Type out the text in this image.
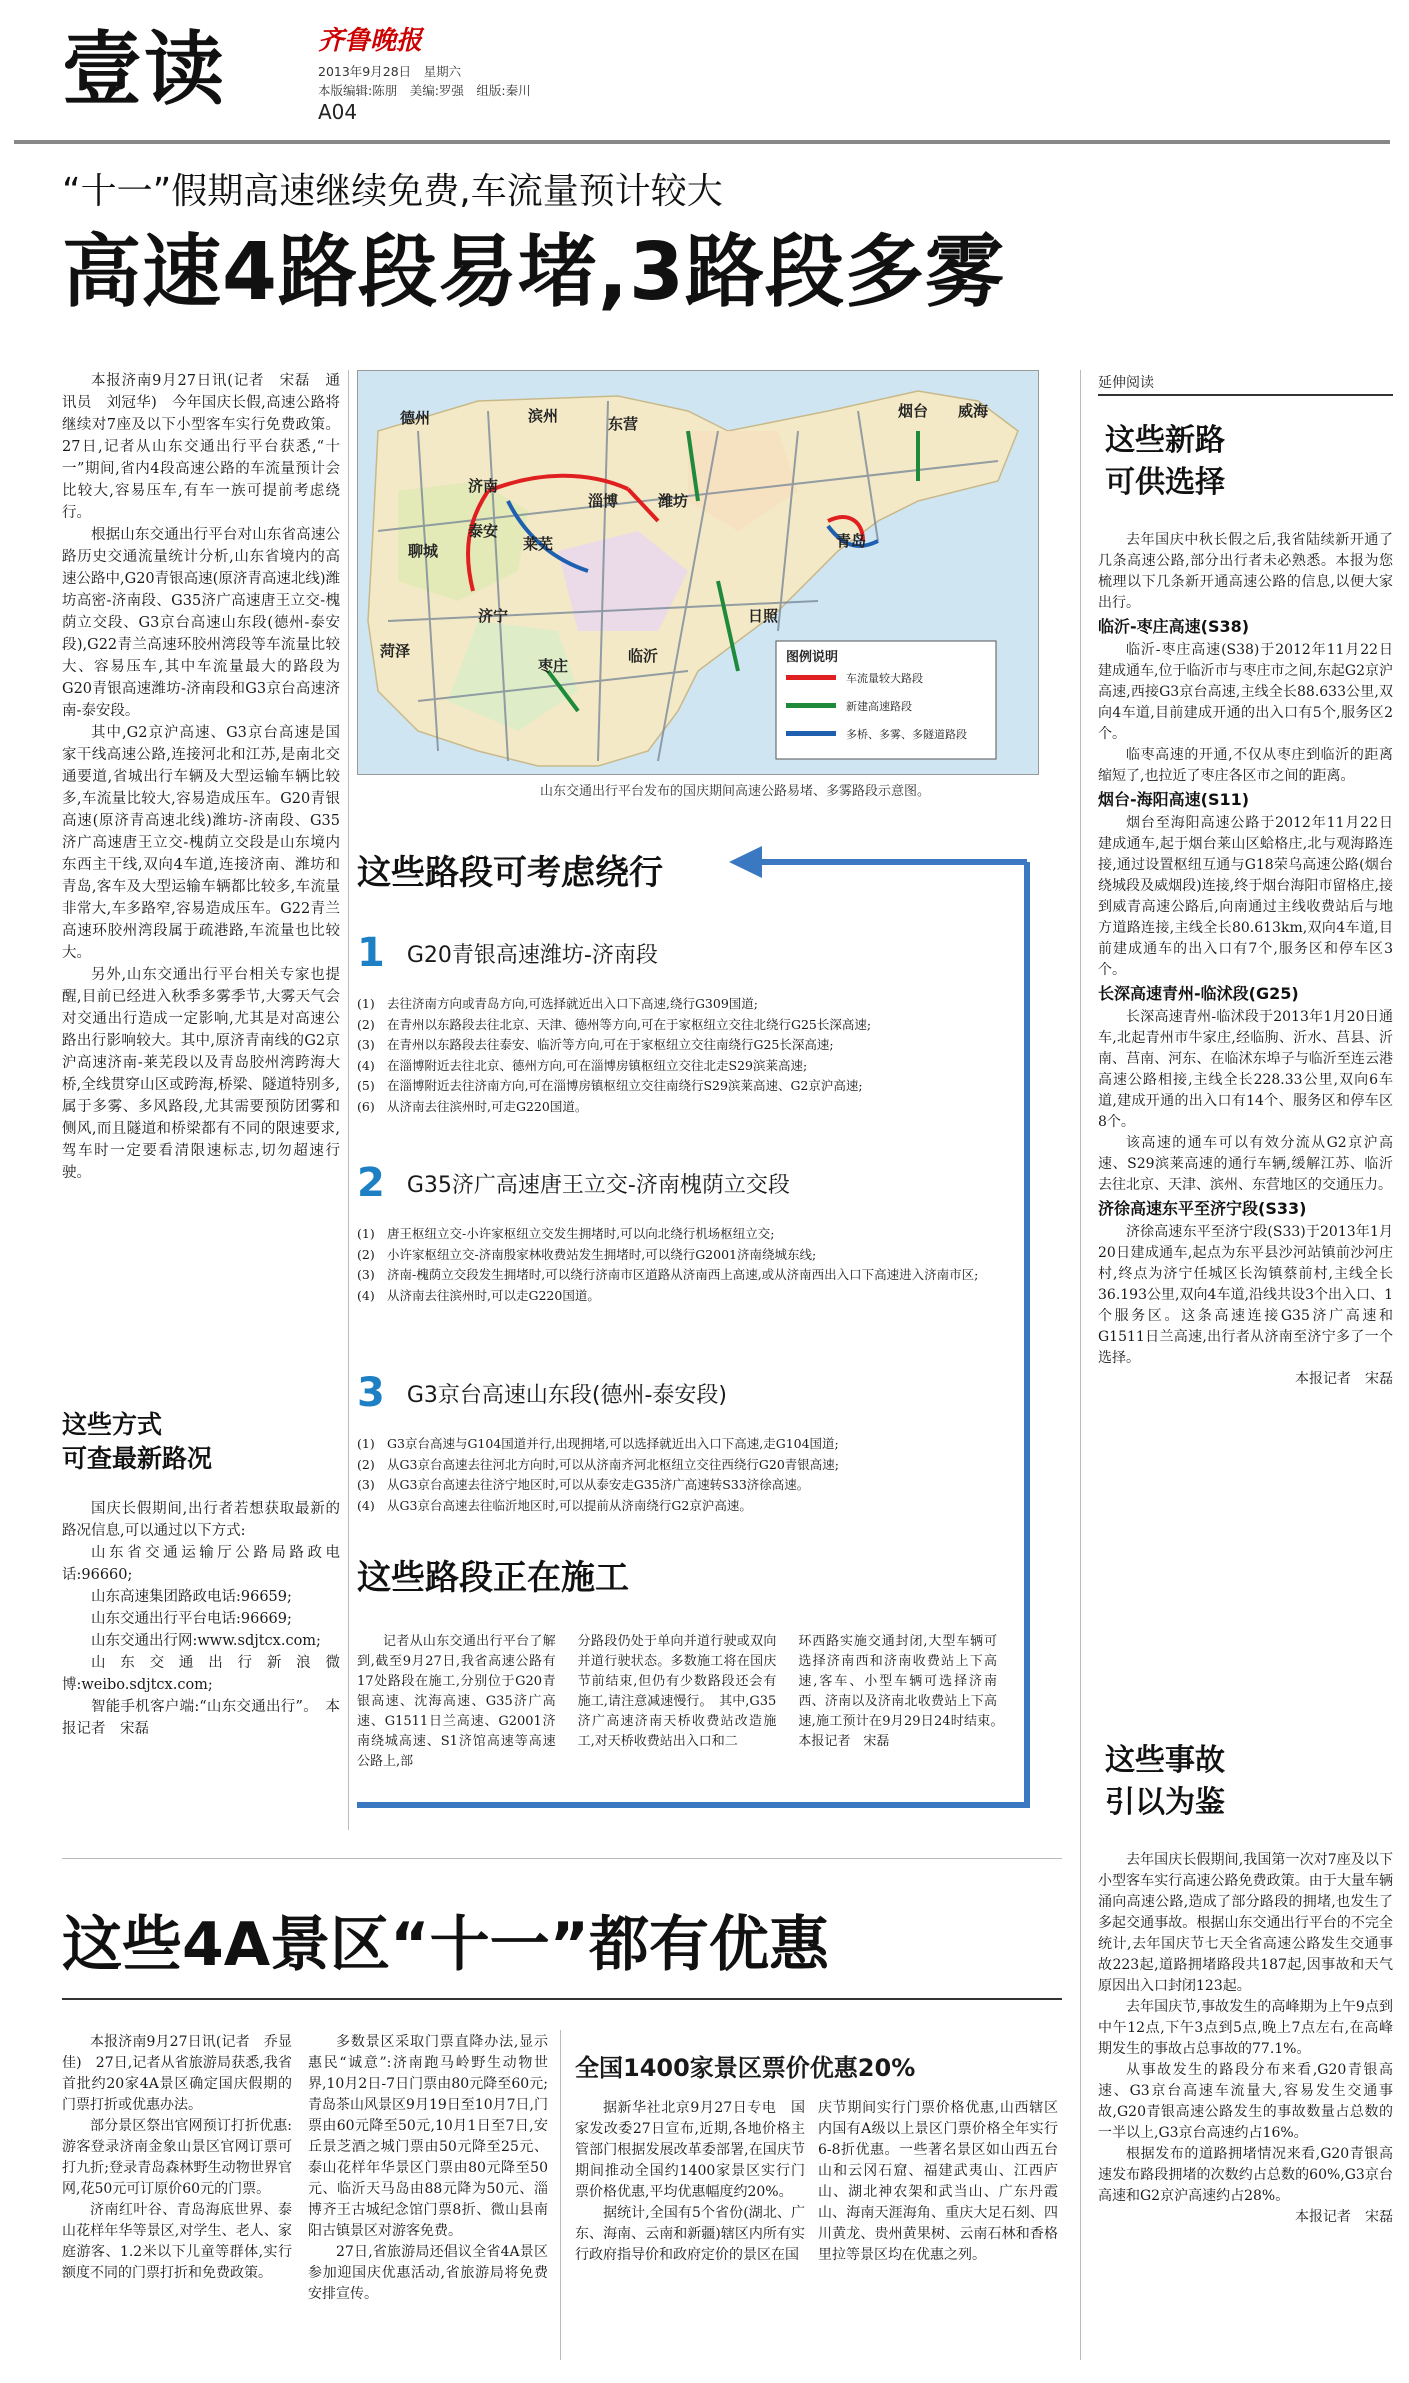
壹读	齐鲁晚报
2013年9月28日　星期六
本版编辑:陈朋　美编:罗强　组版:秦川
A04
“十一”假期高速继续免费,车流量预计较大
高速4路段易堵,3路段多雾

本报济南9月27日讯(记者　宋磊　通讯员　刘冠华)　今年国庆长假,高速公路将继续对7座及以下小型客车实行免费政策。27日,记者从山东交通出行平台获悉,“十一”期间,省内4段高速公路的车流量预计会比较大,容易压车,有车一族可提前考虑绕行。

根据山东交通出行平台对山东省高速公路历史交通流量统计分析,山东省境内的高速公路中,G20青银高速(原济青高速北线)潍坊高密-济南段、G35济广高速唐王立交-槐荫立交段、G3京台高速山东段(德州-泰安段),G22青兰高速环胶州湾段等车流量比较大、容易压车,其中车流量最大的路段为G20青银高速潍坊-济南段和G3京台高速济南-泰安段。

其中,G2京沪高速、G3京台高速是国家干线高速公路,连接河北和江苏,是南北交通要道,省城出行车辆及大型运输车辆比较多,车流量比较大,容易造成压车。G20青银高速(原济青高速北线)潍坊-济南段、G35济广高速唐王立交-槐荫立交段是山东境内东西主干线,双向4车道,连接济南、潍坊和青岛,客车及大型运输车辆都比较多,车流量非常大,车多路窄,容易造成压车。G22青兰高速环胶州湾段属于疏港路,车流量也比较大。

另外,山东交通出行平台相关专家也提醒,目前已经进入秋季多雾季节,大雾天气会对交通出行造成一定影响,尤其是对高速公路出行影响较大。其中,原济青南线的G2京沪高速济南-莱芜段以及青岛胶州湾跨海大桥,全线贯穿山区或跨海,桥梁、隧道特别多,属于多雾、多风路段,尤其需要预防团雾和侧风,而且隧道和桥梁都有不同的限速要求,驾车时一定要看清限速标志,切勿超速行驶。

这些方式
可查最新路况

国庆长假期间,出行者若想获取最新的路况信息,可以通过以下方式:

山东省交通运输厅公路局路政电话:96660;

山东高速集团路政电话:96659;

山东交通出行平台电话:96669;

山东交通出行网:www.sdjtcx.com;

山东交通出行新浪微博:weibo.sdjtcx.com;

智能手机客户端:“山东交通出行”。　本报记者　宋磊

德州	滨州	东营
烟台 威海
济南
淄博	潍坊
泰安
莱芜	青岛
聊城
济宁	日照
菏泽
枣庄
临沂	图例说明
车流量较大路段
新建高速路段
多桥、多雾、多隧道路段
山东交通出行平台发布的国庆期间高速公路易堵、多雾路段示意图。
这些路段可考虑绕行
1 G20青银高速潍坊-济南段
(1) 去往济南方向或青岛方向,可选择就近出入口下高速,绕行G309国道;
(2) 在青州以东路段去往北京、天津、德州等方向,可在于家枢纽立交往北绕行G25长深高速;
(3) 在青州以东路段去往泰安、临沂等方向,可在于家枢纽立交往南绕行G25长深高速;
(4) 在淄博附近去往北京、德州方向,可在淄博房镇枢纽立交往北走S29滨莱高速;
(5) 在淄博附近去往济南方向,可在淄博房镇枢纽立交往南绕行S29滨莱高速、G2京沪高速;
(6) 从济南去往滨州时,可走G220国道。
2 G35济广高速唐王立交-济南槐荫立交段
(1) 唐王枢纽立交-小许家枢纽立交发生拥堵时,可以向北绕行机场枢纽立交;
(2) 小许家枢纽立交-济南殷家林收费站发生拥堵时,可以绕行G2001济南绕城东线;
(3) 济南-槐荫立交段发生拥堵时,可以绕行济南市区道路从济南西上高速,或从济南西出入口下高速进入济南市区;
(4) 从济南去往滨州时,可以走G220国道。
3 G3京台高速山东段(德州-泰安段)
(1) G3京台高速与G104国道并行,出现拥堵,可以选择就近出入口下高速,走G104国道;
(2) 从G3京台高速去往河北方向时,可以从济南齐河北枢纽立交往西绕行G20青银高速;
(3) 从G3京台高速去往济宁地区时,可以从泰安走G35济广高速转S33济徐高速。
(4) 从G3京台高速去往临沂地区时,可以提前从济南绕行G2京沪高速。
这些路段正在施工

记者从山东交通出行平台了解到,截至9月27日,我省高速公路有17处路段在施工,分别位于G20青银高速、沈海高速、G35济广高速、G1511日兰高速、G2001济南绕城高速、S1济馆高速等高速公路上,部

分路段仍处于单向并道行驶或双向并道行驶状态。多数施工将在国庆节前结束,但仍有少数路段还会有施工,请注意减速慢行。　其中,G35济广高速济南天桥收费站改造施工,对天桥收费站出入口和二

环西路实施交通封闭,大型车辆可选择济南西和济南收费站上下高速,客车、小型车辆可选择济南西、济南以及济南北收费站上下高速,施工预计在9月29日24时结束。　　本报记者　宋磊

延伸阅读
这些新路
可供选择

去年国庆中秋长假之后,我省陆续新开通了几条高速公路,部分出行者未必熟悉。本报为您梳理以下几条新开通高速公路的信息,以便大家出行。

临沂-枣庄高速(S38)

临沂-枣庄高速(S38)于2012年11月22日建成通车,位于临沂市与枣庄市之间,东起G2京沪高速,西接G3京台高速,主线全长88.633公里,双向4车道,目前建成开通的出入口有5个,服务区2个。

临枣高速的开通,不仅从枣庄到临沂的距离缩短了,也拉近了枣庄各区市之间的距离。

烟台-海阳高速(S11)

烟台至海阳高速公路于2012年11月22日建成通车,起于烟台莱山区蛤格庄,北与观海路连接,通过设置枢纽互通与G18荣乌高速公路(烟台绕城段及威烟段)连接,终于烟台海阳市留格庄,接到威青高速公路后,向南通过主线收费站后与地方道路连接,主线全长80.613km,双向4车道,目前建成通车的出入口有7个,服务区和停车区3个。

长深高速青州-临沭段(G25)

长深高速青州-临沭段于2013年1月20日通车,北起青州市牛家庄,经临朐、沂水、莒县、沂南、莒南、河东、在临沭东埠子与临沂至连云港高速公路相接,主线全长228.33公里,双向6车道,建成开通的出入口有14个、服务区和停车区8个。

该高速的通车可以有效分流从G2京沪高速、S29滨莱高速的通行车辆,缓解江苏、临沂去往北京、天津、滨州、东营地区的交通压力。

济徐高速东平至济宁段(S33)

济徐高速东平至济宁段(S33)于2013年1月20日建成通车,起点为东平县沙河站镇前沙河庄村,终点为济宁任城区长沟镇蔡前村,主线全长36.193公里,双向4车道,沿线共设3个出入口、1个服务区。这条高速连接G35济广高速和G1511日兰高速,出行者从济南至济宁多了一个选择。

本报记者　宋磊

这些事故
引以为鉴

去年国庆长假期间,我国第一次对7座及以下小型客车实行高速公路免费政策。由于大量车辆涌向高速公路,造成了部分路段的拥堵,也发生了多起交通事故。根据山东交通出行平台的不完全统计,去年国庆节七天全省高速公路发生交通事故223起,道路拥堵路段共187起,因事故和天气原因出入口封闭123起。

去年国庆节,事故发生的高峰期为上午9点到中午12点,下午3点到5点,晚上7点左右,在高峰期发生的事故占总事故的77.1%。

从事故发生的路段分布来看,G20青银高速、G3京台高速车流量大,容易发生交通事故,G20青银高速公路发生的事故数量占总数的一半以上,G3京台高速约占16%。

根据发布的道路拥堵情况来看,G20青银高速发布路段拥堵的次数约占总数的60%,G3京台高速和G2京沪高速约占28%。

本报记者　宋磊

这些4A景区“十一”都有优惠

本报济南9月27日讯(记者　乔显佳)　27日,记者从省旅游局获悉,我省首批约20家4A景区确定国庆假期的门票打折或优惠办法。

部分景区祭出官网预订打折优惠:游客登录济南金象山景区官网订票可打九折;登录青岛森林野生动物世界官网,花50元可订原价60元的门票。

济南红叶谷、青岛海底世界、泰山花样年华等景区,对学生、老人、家庭游客、1.2米以下儿童等群体,实行额度不同的门票打折和免费政策。

多数景区采取门票直降办法,显示惠民“诚意”:济南跑马岭野生动物世界,10月2日-7日门票由80元降至60元;青岛茶山风景区9月19日至10月7日,门票由60元降至50元,10月1日至7日,安丘景芝酒之城门票由50元降至25元、泰山花样年华景区门票由80元降至50元、临沂天马岛由88元降为50元、淄博齐王古城纪念馆门票8折、微山县南阳古镇景区对游客免费。

27日,省旅游局还倡议全省4A景区参加迎国庆优惠活动,省旅游局将免费安排宣传。

全国1400家景区票价优惠20%

据新华社北京9月27日专电　国家发改委27日宣布,近期,各地价格主管部门根据发展改革委部署,在国庆节期间推动全国约1400家景区实行门票价格优惠,平均优惠幅度约20%。

据统计,全国有5个省份(湖北、广东、海南、云南和新疆)辖区内所有实行政府指导价和政府定价的景区在国

庆节期间实行门票价格优惠,山西辖区内国有A级以上景区门票价格全年实行6-8折优惠。一些著名景区如山西五台山和云冈石窟、福建武夷山、江西庐山、湖北神农架和武当山、广东丹霞山、海南天涯海角、重庆大足石刻、四川黄龙、贵州黄果树、云南石林和香格里拉等景区均在优惠之列。
